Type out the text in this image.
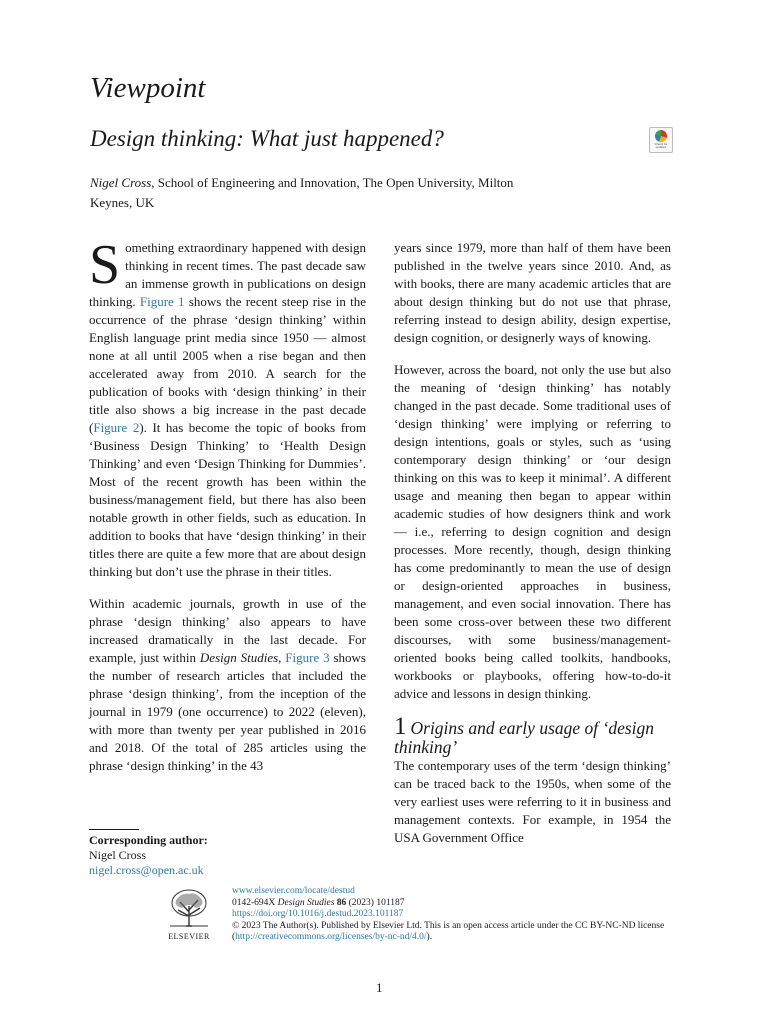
Viewpoint
Design thinking: What just happened?	Check for updates
Nigel Cross, School of Engineering and Innovation, The Open University, Milton Keynes, UK

Something extraordinary happened with design thinking in recent times. The past decade saw an immense growth in publications on design thinking. Figure 1 shows the recent steep rise in the occurrence of the phrase ‘design thinking’ within English language print media since 1950 — almost none at all until 2005 when a rise began and then accelerated away from 2010. A search for the publication of books with ‘design thinking’ in their title also shows a big increase in the past decade (Figure 2). It has become the topic of books from ‘Business Design Thinking’ to ‘Health Design Thinking’ and even ‘Design Thinking for Dummies’. Most of the recent growth has been within the business/management field, but there has also been notable growth in other fields, such as education. In addition to books that have ‘design thinking’ in their titles there are quite a few more that are about design thinking but don’t use the phrase in their titles.

Within academic journals, growth in use of the phrase ‘design thinking’ also appears to have increased dramatically in the last decade. For example, just within Design Studies, Figure 3 shows the number of research articles that included the phrase ‘design thinking’, from the inception of the journal in 1979 (one occurrence) to 2022 (eleven), with more than twenty per year published in 2016 and 2018. Of the total of 285 articles using the phrase ‘design thinking’ in the 43

years since 1979, more than half of them have been published in the twelve years since 2010. And, as with books, there are many academic articles that are about design thinking but do not use that phrase, referring instead to design ability, design expertise, design cognition, or designerly ways of knowing.

However, across the board, not only the use but also the meaning of ‘design thinking’ has notably changed in the past decade. Some traditional uses of ‘design thinking’ were implying or referring to design intentions, goals or styles, such as ‘using contemporary design thinking’ or ‘our design thinking on this was to keep it minimal’. A different usage and meaning then began to appear within academic studies of how designers think and work — i.e., referring to design cognition and design processes. More recently, though, design thinking has come predominantly to mean the use of design or design-oriented approaches in business, management, and even social innovation. There has been some cross-over between these two different discourses, with some business/management-oriented books being called toolkits, handbooks, workbooks or playbooks, offering how-to-do-it advice and lessons in design thinking.

1 Origins and early usage of ‘design thinking’

The contemporary uses of the term ‘design thinking’ can be traced back to the 1950s, when some of the very earliest uses were referring to it in business and management contexts. For example, in 1954 the USA Government Office

Corresponding author:
Nigel Cross
nigel.cross@open.ac.uk
ELSEVIER
www.elsevier.com/locate/destud
0142-694X Design Studies 86 (2023) 101187
https://doi.org/10.1016/j.destud.2023.101187
© 2023 The Author(s). Published by Elsevier Ltd. This is an open access article under the CC BY-NC-ND license (http://creativecommons.org/licenses/by-nc-nd/4.0/).
1
